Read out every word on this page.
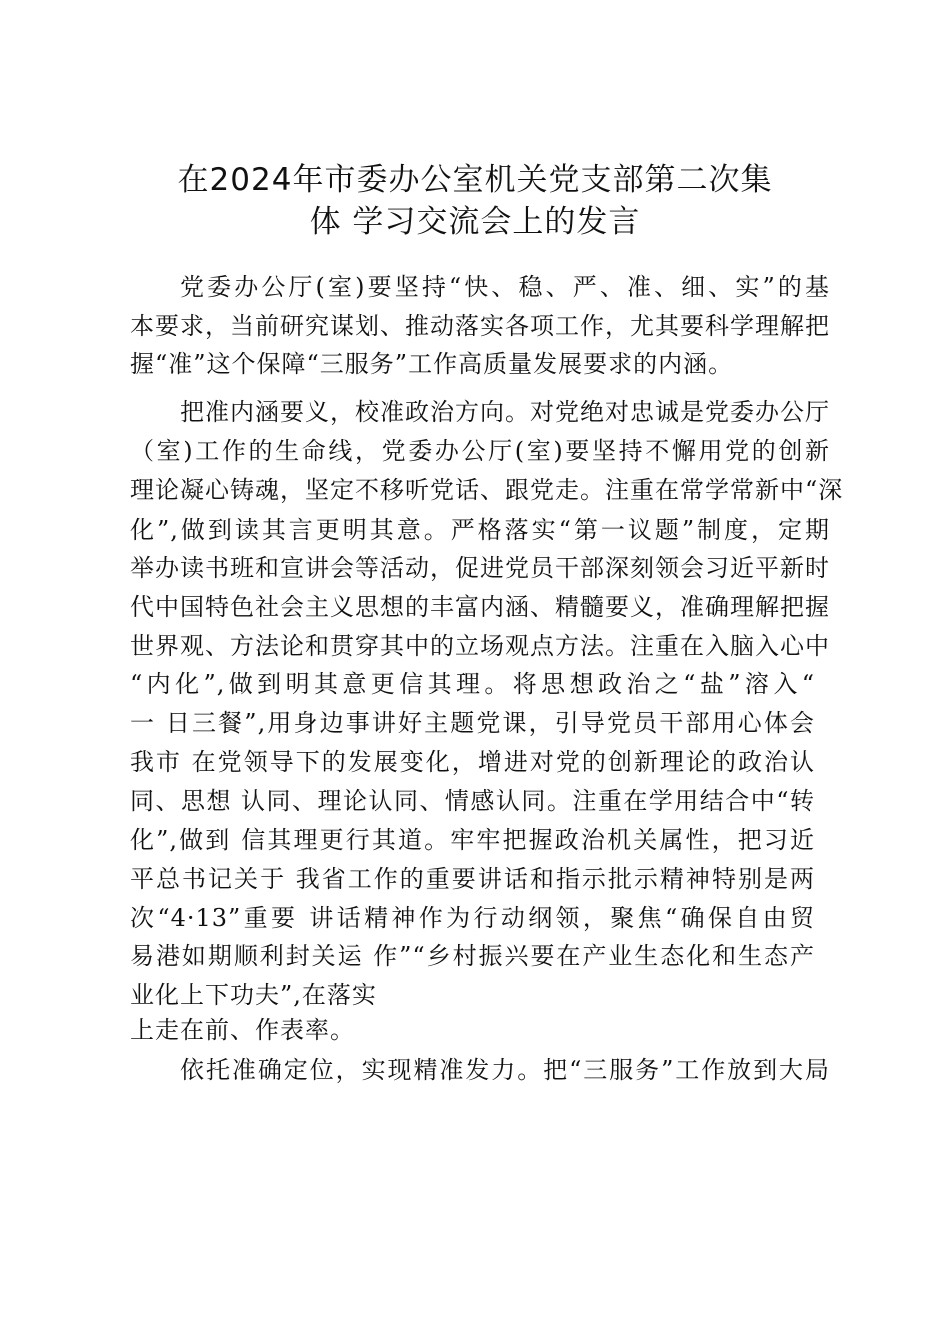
在2024年市委办公室机关党支部第二次集
体 学习交流会上的发言
党委办公厅(室)要坚持“快、稳、严、准、细、实”的基
本要求，当前研究谋划、推动落实各项工作，尤其要科学理解把
握“准”这个保障“三服务”工作高质量发展要求的内涵。
把准内涵要义，校准政治方向。对党绝对忠诚是党委办公厅
（室)工作的生命线，党委办公厅(室)要坚持不懈用党的创新
理论凝心铸魂，坚定不移听党话、跟党走。注重在常学常新中“深
化”,做到读其言更明其意。严格落实“第一议题”制度，定期
举办读书班和宣讲会等活动，促进党员干部深刻领会习近平新时
代中国特色社会主义思想的丰富内涵、精髓要义，准确理解把握
世界观、方法论和贯穿其中的立场观点方法。注重在入脑入心中
“内化”,做到明其意更信其理。将思想政治之“盐”溶入“
一 日三餐”,用身边事讲好主题党课，引导党员干部用心体会
我市 在党领导下的发展变化，增进对党的创新理论的政治认
同、思想 认同、理论认同、情感认同。注重在学用结合中“转
化”,做到 信其理更行其道。牢牢把握政治机关属性，把习近
平总书记关于 我省工作的重要讲话和指示批示精神特别是两
次“4·13”重要 讲话精神作为行动纲领，聚焦“确保自由贸
易港如期顺利封关运 作”“乡村振兴要在产业生态化和生态产
业化上下功夫”,在落实
上走在前、作表率。
依托准确定位，实现精准发力。把“三服务”工作放到大局
